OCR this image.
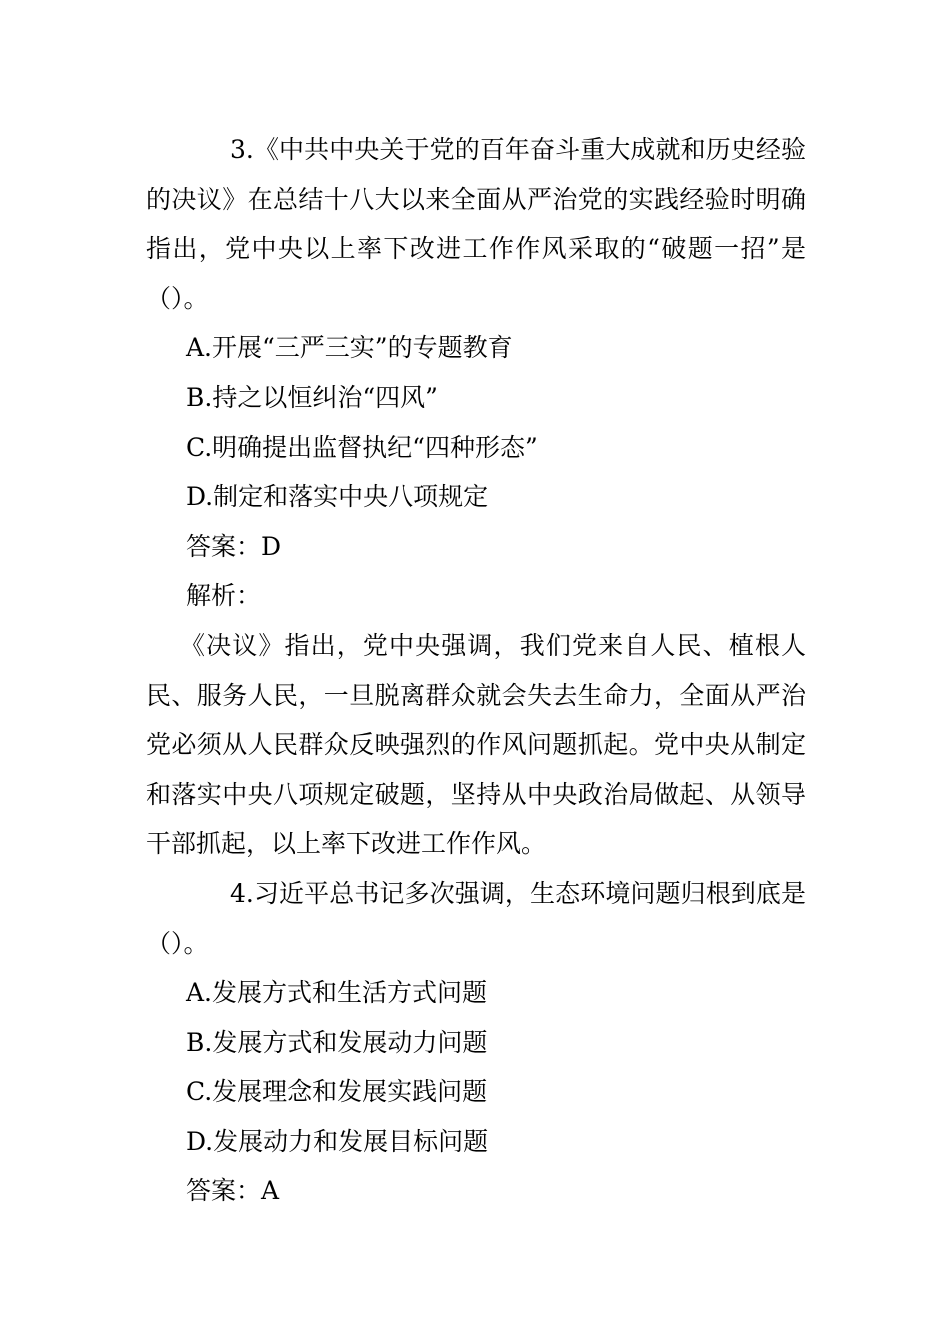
3.《中共中央关于党的百年奋斗重大成就和历史经验的决议》在总结十八大以来全面从严治党的实践经验时明确指出，党中央以上率下改进工作作风采取的“破题一招”是（）。

A.开展“三严三实”的专题教育

B.持之以恒纠治“四风”

C.明确提出监督执纪“四种形态”

D.制定和落实中央八项规定

答案：D

解析：

《决议》指出，党中央强调，我们党来自人民、植根人民、服务人民，一旦脱离群众就会失去生命力，全面从严治党必须从人民群众反映强烈的作风问题抓起。党中央从制定和落实中央八项规定破题，坚持从中央政治局做起、从领导干部抓起，以上率下改进工作作风。

4.习近平总书记多次强调，生态环境问题归根到底是（）。

A.发展方式和生活方式问题

B.发展方式和发展动力问题

C.发展理念和发展实践问题

D.发展动力和发展目标问题

答案：A
